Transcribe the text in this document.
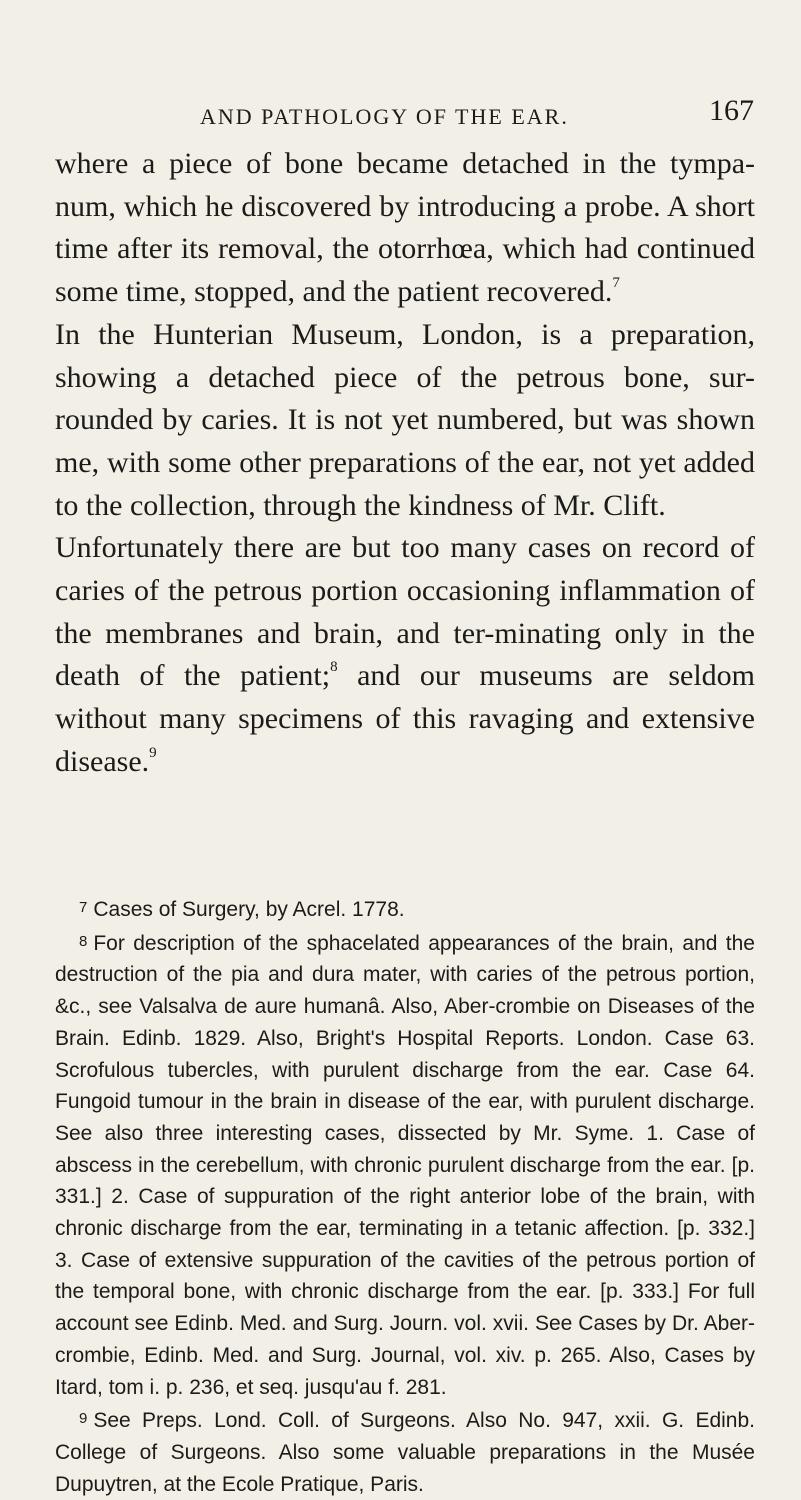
AND PATHOLOGY OF THE EAR.	167

where a piece of bone became detached in the tympa-num, which he discovered by introducing a probe. A short time after its removal, the otorrhœa, which had continued some time, stopped, and the patient recovered.$^7$

In the Hunterian Museum, London, is a preparation, showing a detached piece of the petrous bone, sur-rounded by caries. It is not yet numbered, but was shown me, with some other preparations of the ear, not yet added to the collection, through the kindness of Mr. Clift.

Unfortunately there are but too many cases on record of caries of the petrous portion occasioning inflammation of the membranes and brain, and ter-minating only in the death of the patient;$^8$ and our museums are seldom without many specimens of this ravaging and extensive disease.$^9$

7 Cases of Surgery, by Acrel. 1778.

8 For description of the sphacelated appearances of the brain, and the destruction of the pia and dura mater, with caries of the petrous portion, &c., see Valsalva de aure humanâ. Also, Aber-crombie on Diseases of the Brain. Edinb. 1829. Also, Bright's Hospital Reports. London. Case 63. Scrofulous tubercles, with purulent discharge from the ear. Case 64. Fungoid tumour in the brain in disease of the ear, with purulent discharge. See also three interesting cases, dissected by Mr. Syme. 1. Case of abscess in the cerebellum, with chronic purulent discharge from the ear. [p. 331.] 2. Case of suppuration of the right anterior lobe of the brain, with chronic discharge from the ear, terminating in a tetanic affection. [p. 332.] 3. Case of extensive suppuration of the cavities of the petrous portion of the temporal bone, with chronic discharge from the ear. [p. 333.] For full account see Edinb. Med. and Surg. Journ. vol. xvii. See Cases by Dr. Aber-crombie, Edinb. Med. and Surg. Journal, vol. xiv. p. 265. Also, Cases by Itard, tom i. p. 236, et seq. jusqu'au f. 281.

9 See Preps. Lond. Coll. of Surgeons. Also No. 947, xxii. G. Edinb. College of Surgeons. Also some valuable preparations in the Musée Dupuytren, at the Ecole Pratique, Paris.
